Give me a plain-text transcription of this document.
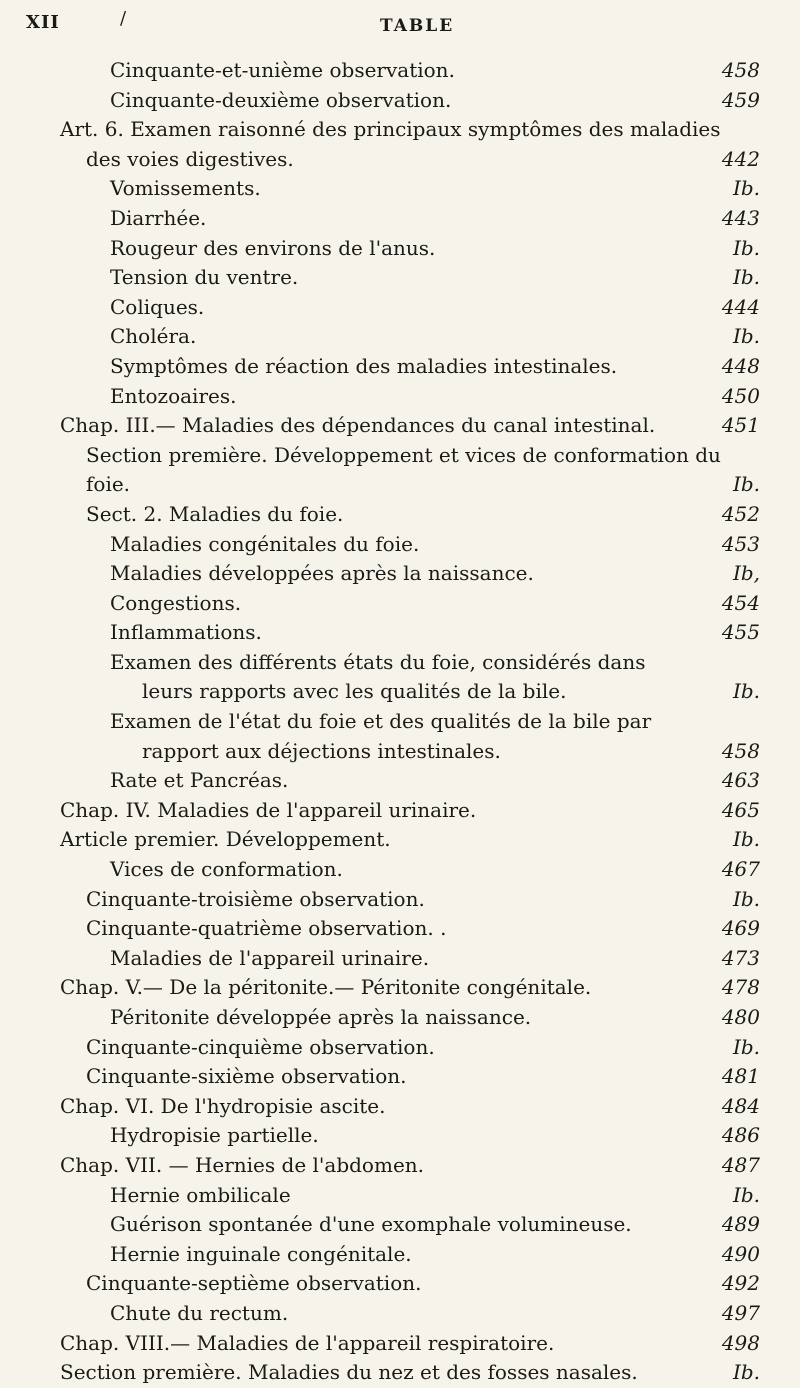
XII	/	TABLE
Cinquante-et-unième observation.	458
Cinquante-deuxième observation.	459
Art. 6. Examen raisonné des principaux symptômes des maladies
des voies digestives.	442
Vomissements.	Ib.
Diarrhée.	443
Rougeur des environs de l'anus.	Ib.
Tension du ventre.	Ib.
Coliques.	444
Choléra.	Ib.
Symptômes de réaction des maladies intestinales.	448
Entozoaires.	450
Chap. III.— Maladies des dépendances du canal intestinal.	451
Section première. Développement et vices de conformation du
foie.	Ib.
Sect. 2. Maladies du foie.	452
Maladies congénitales du foie.	453
Maladies développées après la naissance.	Ib,
Congestions.	454
Inflammations.	455
Examen des différents états du foie, considérés dans
leurs rapports avec les qualités de la bile.	Ib.
Examen de l'état du foie et des qualités de la bile par
rapport aux déjections intestinales.	458
Rate et Pancréas.	463
Chap. IV. Maladies de l'appareil urinaire.	465
Article premier. Développement.	Ib.
Vices de conformation.	467
Cinquante-troisième observation.	Ib.
Cinquante-quatrième observation. .	469
Maladies de l'appareil urinaire.	473
Chap. V.— De la péritonite.— Péritonite congénitale.	478
Péritonite développée après la naissance.	480
Cinquante-cinquième observation.	Ib.
Cinquante-sixième observation.	481
Chap. VI. De l'hydropisie ascite.	484
Hydropisie partielle.	486
Chap. VII. — Hernies de l'abdomen.	487
Hernie ombilicale	Ib.
Guérison spontanée d'une exomphale volumineuse.	489
Hernie inguinale congénitale.	490
Cinquante-septième observation.	492
Chute du rectum.	497
Chap. VIII.— Maladies de l'appareil respiratoire.	498
Section première. Maladies du nez et des fosses nasales.	Ib.
